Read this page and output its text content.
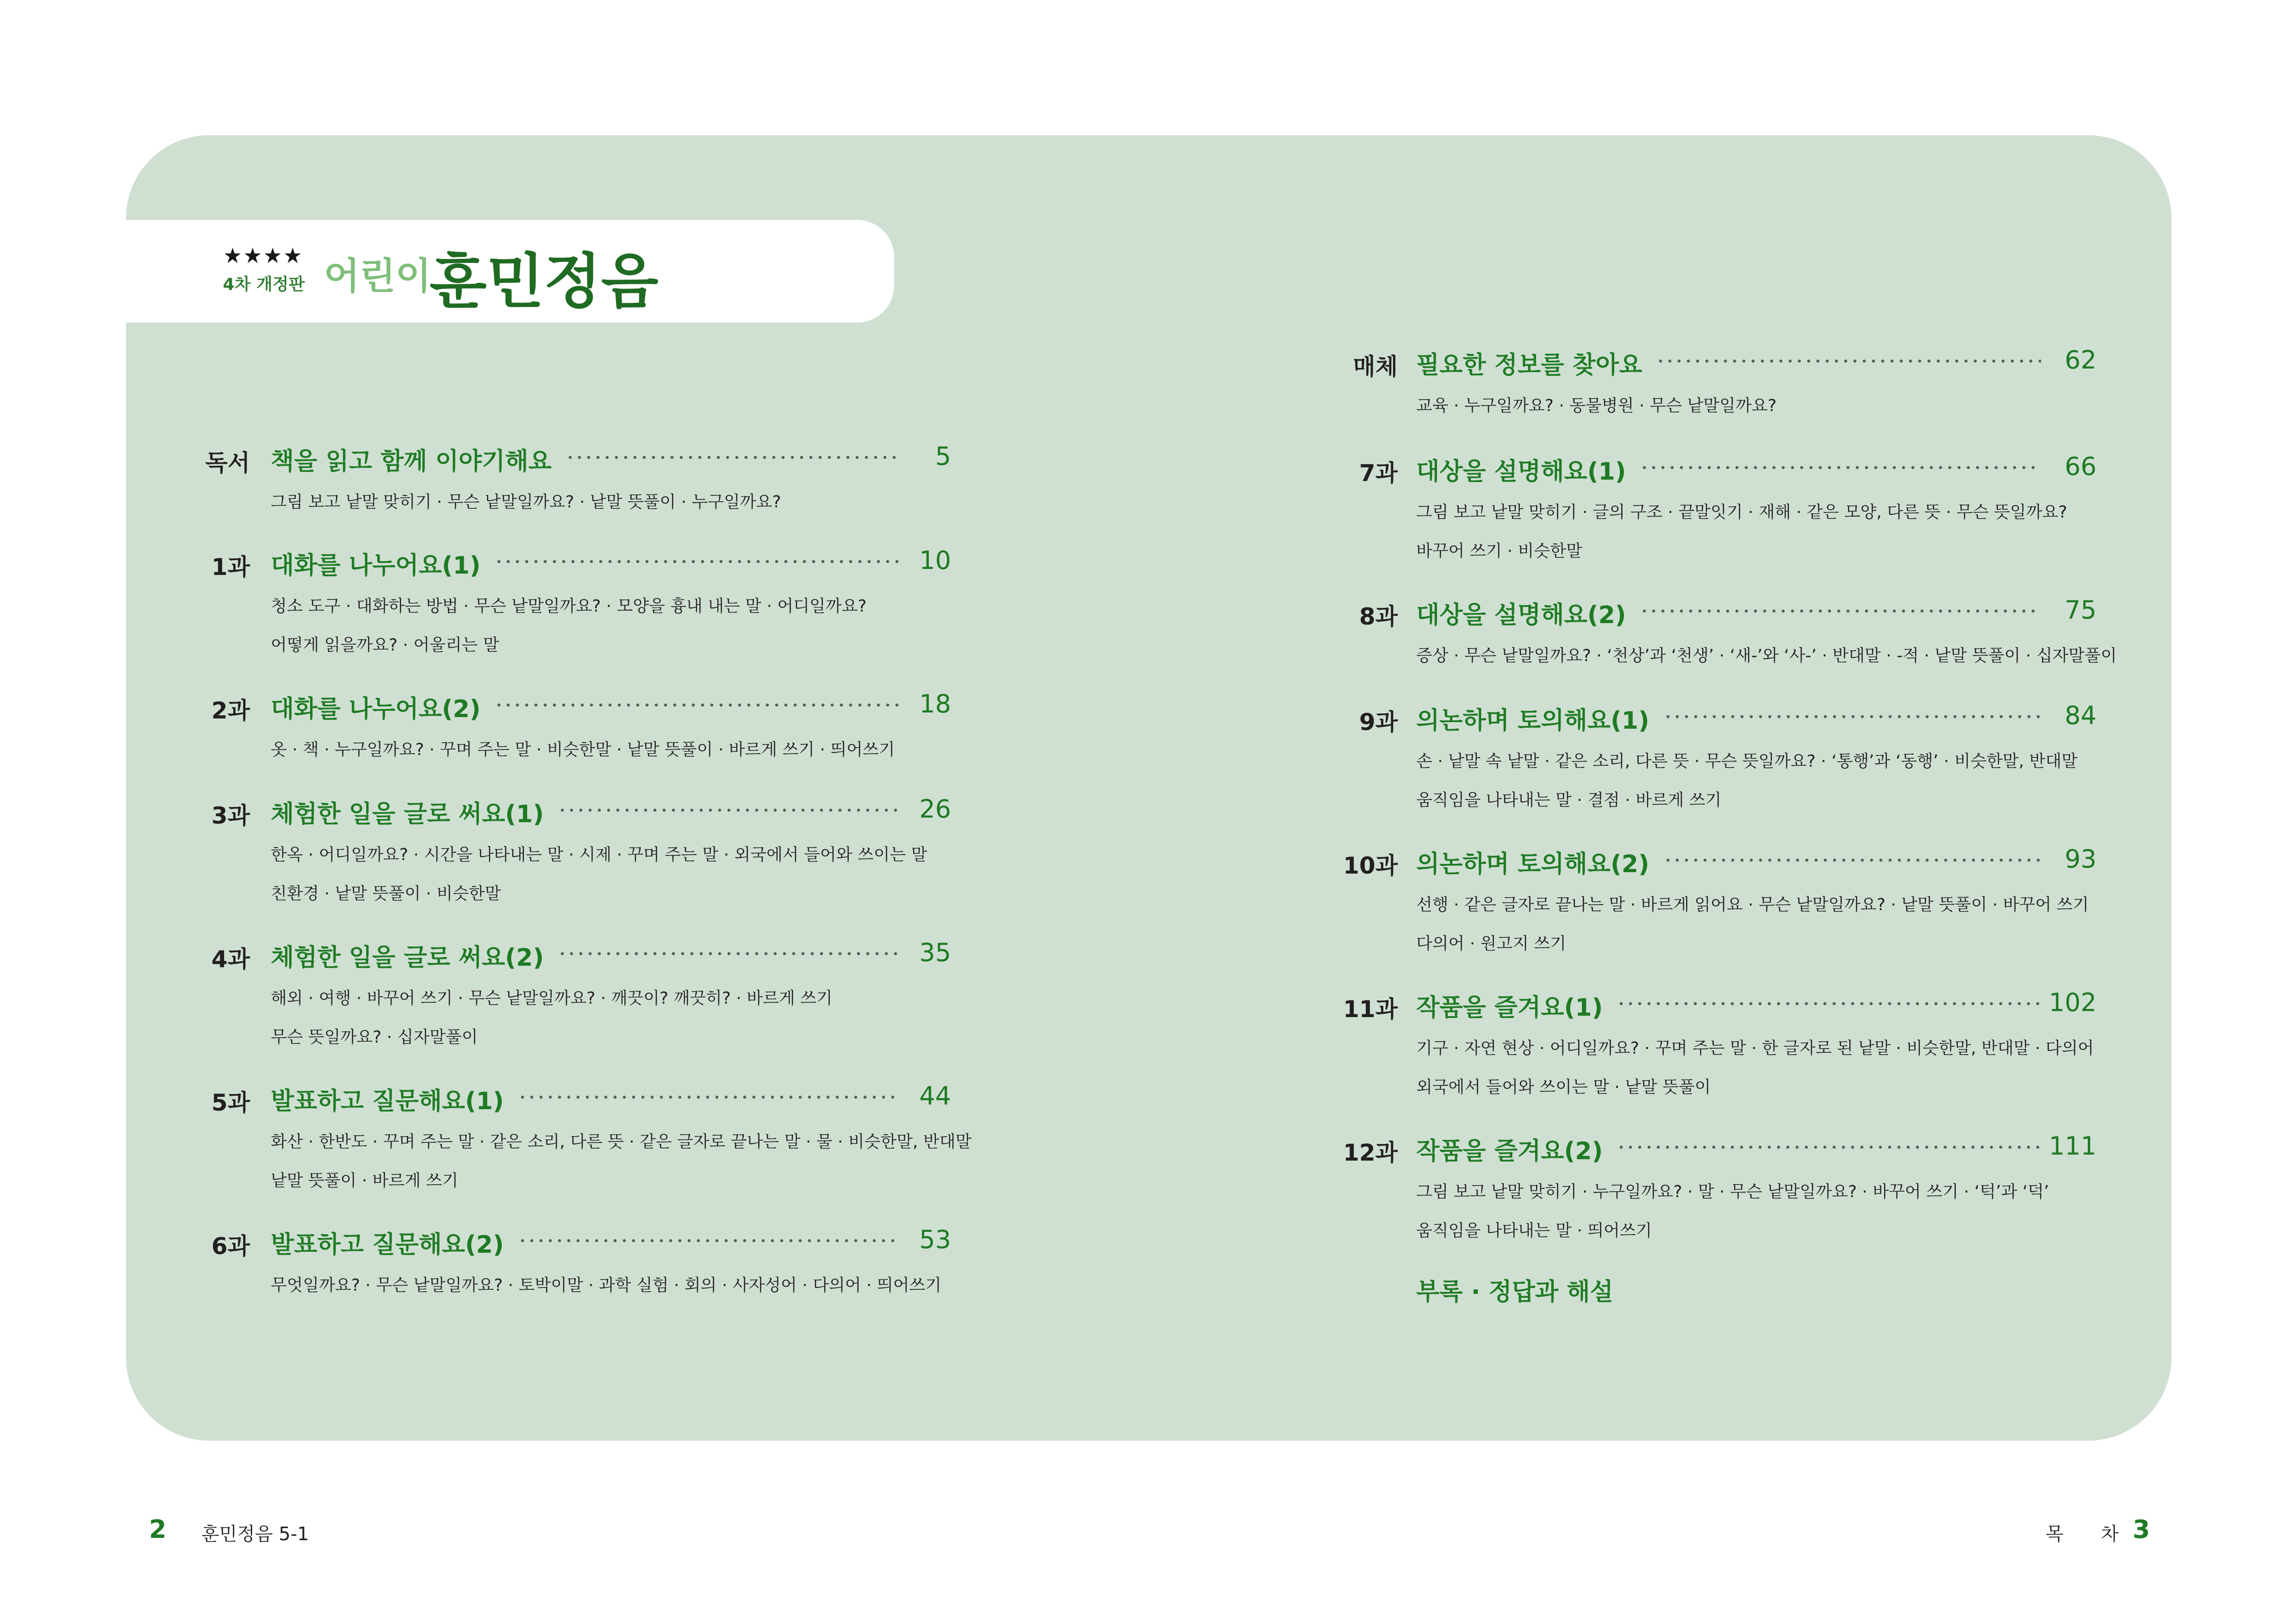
★★★★
4차 개정판 어린이
훈민정음
독서 책을 읽고 함께 이야기해요	5
그림 보고 낱말 맞히기 · 무슨 낱말일까요? · 낱말 뜻풀이 · 누구일까요?
1과 대화를 나누어요(1)	10
청소 도구 · 대화하는 방법 · 무슨 낱말일까요? · 모양을 흉내 내는 말 · 어디일까요?
어떻게 읽을까요? · 어울리는 말
2과 대화를 나누어요(2)	18
옷 · 책 · 누구일까요? · 꾸며 주는 말 · 비슷한말 · 낱말 뜻풀이 · 바르게 쓰기 · 띄어쓰기
3과 체험한 일을 글로 써요(1)	26
한옥 · 어디일까요? · 시간을 나타내는 말 · 시제 · 꾸며 주는 말 · 외국에서 들어와 쓰이는 말
친환경 · 낱말 뜻풀이 · 비슷한말
4과 체험한 일을 글로 써요(2)	35
해외 · 여행 · 바꾸어 쓰기 · 무슨 낱말일까요? · 깨끗이? 깨끗히? · 바르게 쓰기
무슨 뜻일까요? · 십자말풀이
5과 발표하고 질문해요(1)	44
화산 · 한반도 · 꾸며 주는 말 · 같은 소리, 다른 뜻 · 같은 글자로 끝나는 말 · 물 · 비슷한말, 반대말
낱말 뜻풀이 · 바르게 쓰기
6과 발표하고 질문해요(2)	53
무엇일까요? · 무슨 낱말일까요? · 토박이말 · 과학 실험 · 회의 · 사자성어 · 다의어 · 띄어쓰기
매체 필요한 정보를 찾아요	62
교육 · 누구일까요? · 동물병원 · 무슨 낱말일까요?
7과 대상을 설명해요(1)	66
그림 보고 낱말 맞히기 · 글의 구조 · 끝말잇기 · 재해 · 같은 모양, 다른 뜻 · 무슨 뜻일까요?
바꾸어 쓰기 · 비슷한말
8과 대상을 설명해요(2)	75
증상 · 무슨 낱말일까요? · ‘천상’과 ‘천생’ · ‘새-’와 ‘사-’ · 반대말 · -적 · 낱말 뜻풀이 · 십자말풀이
9과 의논하며 토의해요(1)	84
손 · 낱말 속 낱말 · 같은 소리, 다른 뜻 · 무슨 뜻일까요? · ‘통행’과 ‘동행’ · 비슷한말, 반대말
움직임을 나타내는 말 · 결점 · 바르게 쓰기
10과 의논하며 토의해요(2)	93
선행 · 같은 글자로 끝나는 말 · 바르게 읽어요 · 무슨 낱말일까요? · 낱말 뜻풀이 · 바꾸어 쓰기
다의어 · 원고지 쓰기
11과 작품을 즐겨요(1)	102
기구 · 자연 현상 · 어디일까요? · 꾸며 주는 말 · 한 글자로 된 낱말 · 비슷한말, 반대말 · 다의어
외국에서 들어와 쓰이는 말 · 낱말 뜻풀이
12과 작품을 즐겨요(2)	111
그림 보고 낱말 맞히기 · 누구일까요? · 말 · 무슨 낱말일까요? · 바꾸어 쓰기 · ‘턱’과 ‘덕’
움직임을 나타내는 말 · 띄어쓰기
부록 · 정답과 해설
2 훈민정음 5-1	목 차
3
